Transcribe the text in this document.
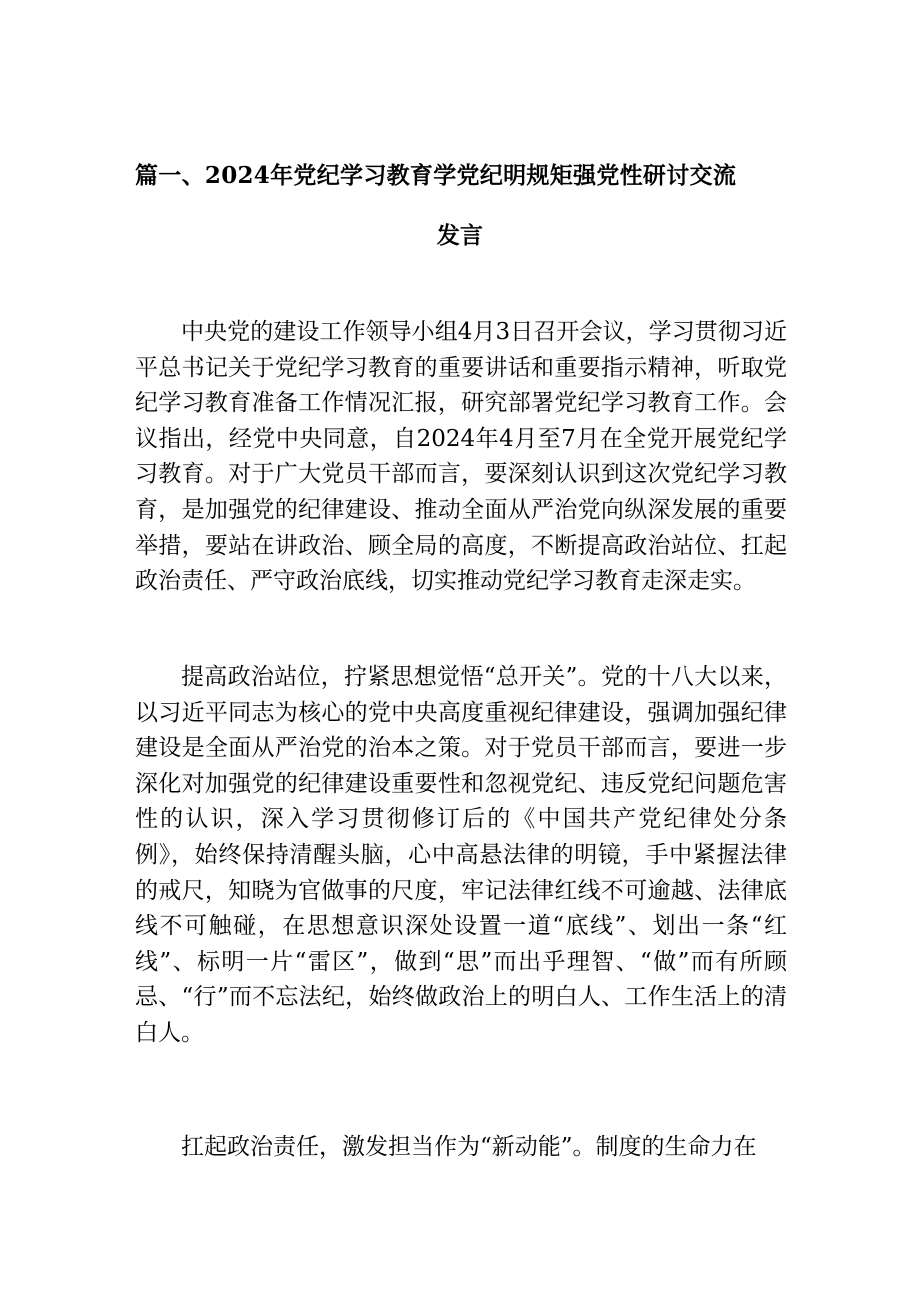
篇一、2024年党纪学习教育学党纪明规矩强党性研讨交流
发言

中央党的建设工作领导小组4月3日召开会议，学习贯彻习近平总书记关于党纪学习教育的重要讲话和重要指示精神，听取党纪学习教育准备工作情况汇报，研究部署党纪学习教育工作。会议指出，经党中央同意，自2024年4月至7月在全党开展党纪学习教育。对于广大党员干部而言，要深刻认识到这次党纪学习教育，是加强党的纪律建设、推动全面从严治党向纵深发展的重要举措，要站在讲政治、顾全局的高度，不断提高政治站位、扛起政治责任、严守政治底线，切实推动党纪学习教育走深走实。

提高政治站位，拧紧思想觉悟“总开关”。党的十八大以来，以习近平同志为核心的党中央高度重视纪律建设，强调加强纪律建设是全面从严治党的治本之策。对于党员干部而言，要进一步深化对加强党的纪律建设重要性和忽视党纪、违反党纪问题危害性的认识，深入学习贯彻修订后的《中国共产党纪律处分条例》，始终保持清醒头脑，心中高悬法律的明镜，手中紧握法律的戒尺，知晓为官做事的尺度，牢记法律红线不可逾越、法律底线不可触碰，在思想意识深处设置一道“底线”、划出一条“红线”、标明一片“雷区”，做到“思”而出乎理智、“做”而有所顾忌、“行”而不忘法纪，始终做政治上的明白人、工作生活上的清白人。

扛起政治责任，激发担当作为“新动能”。制度的生命力在
